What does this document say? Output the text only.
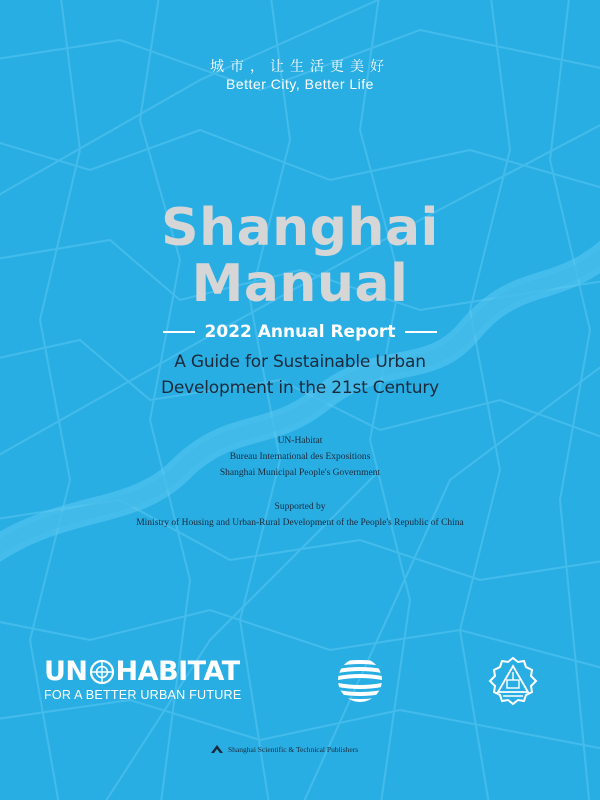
城市，让生活更美好
Better City, Better Life
Shanghai
Manual
2022 Annual Report
A Guide for Sustainable Urban
Development in the 21st Century
UN-Habitat
Bureau International des Expositions
Shanghai Municipal People's Government
Supported by
Ministry of Housing and Urban-Rural Development of the People's Republic of China
UN HABITAT
FOR A BETTER URBAN FUTURE
Shanghai Scientific & Technical Publishers
